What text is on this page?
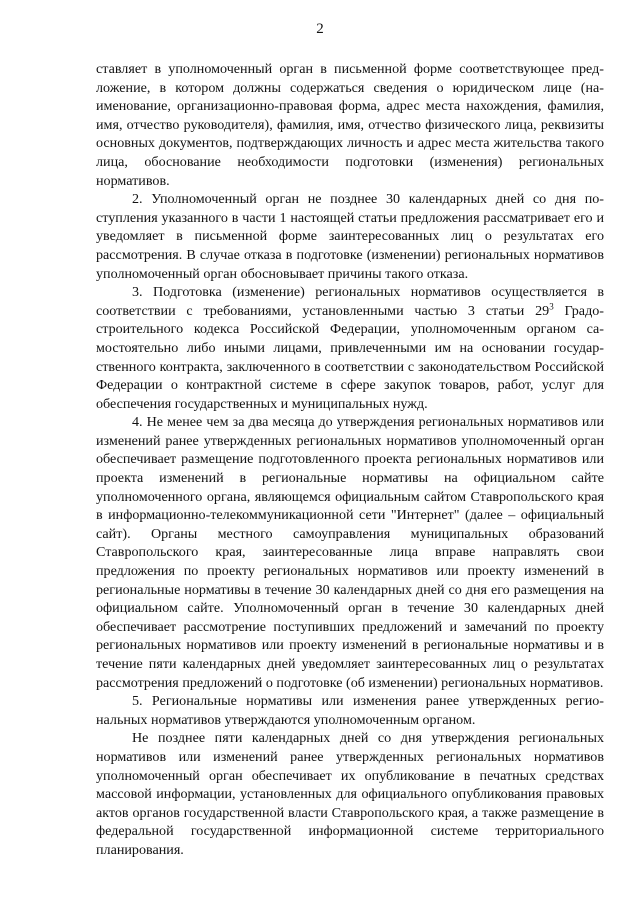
2

ставляет в уполномоченный орган в письменной форме соответствующее предложение, в котором должны содержаться сведения о юридическом лице (наименование, организационно-правовая форма, адрес места нахождения, фамилия, имя, отчество руководителя), фамилия, имя, отчество физического лица, реквизиты основных документов, подтверждающих личность и адрес места жительства такого лица, обоснование необходимости подготовки (изменения) региональных нормативов.

2. Уполномоченный орган не позднее 30 календарных дней со дня поступления указанного в части 1 настоящей статьи предложения рассматривает его и уведомляет в письменной форме заинтересованных лиц о результатах его рассмотрения. В случае отказа в подготовке (изменении) региональных нормативов уполномоченный орган обосновывает причины такого отказа.

3. Подготовка (изменение) региональных нормативов осуществляется в соответствии с требованиями, установленными частью 3 статьи $29^3$ Градостроительного кодекса Российской Федерации, уполномоченным органом самостоятельно либо иными лицами, привлеченными им на основании государственного контракта, заключенного в соответствии с законодательством Российской Федерации о контрактной системе в сфере закупок товаров, работ, услуг для обеспечения государственных и муниципальных нужд.

4. Не менее чем за два месяца до утверждения региональных нормативов или изменений ранее утвержденных региональных нормативов уполномоченный орган обеспечивает размещение подготовленного проекта региональных нормативов или проекта изменений в региональные нормативы на официальном сайте уполномоченного органа, являющемся официальным сайтом Ставропольского края в информационно-телекоммуникационной сети "Интернет" (далее – официальный сайт). Органы местного самоуправления муниципальных образований Ставропольского края, заинтересованные лица вправе направлять свои предложения по проекту региональных нормативов или проекту изменений в региональные нормативы в течение 30 календарных дней со дня его размещения на официальном сайте. Уполномоченный орган в течение 30 календарных дней обеспечивает рассмотрение поступивших предложений и замечаний по проекту региональных нормативов или проекту изменений в региональные нормативы и в течение пяти календарных дней уведомляет заинтересованных лиц о результатах рассмотрения предложений о подготовке (об изменении) региональных нормативов.

5. Региональные нормативы или изменения ранее утвержденных региональных нормативов утверждаются уполномоченным органом.

Не позднее пяти календарных дней со дня утверждения региональных нормативов или изменений ранее утвержденных региональных нормативов уполномоченный орган обеспечивает их опубликование в печатных средствах массовой информации, установленных для официального опубликования правовых актов органов государственной власти Ставропольского края, а также размещение в федеральной государственной информационной системе территориального планирования.
